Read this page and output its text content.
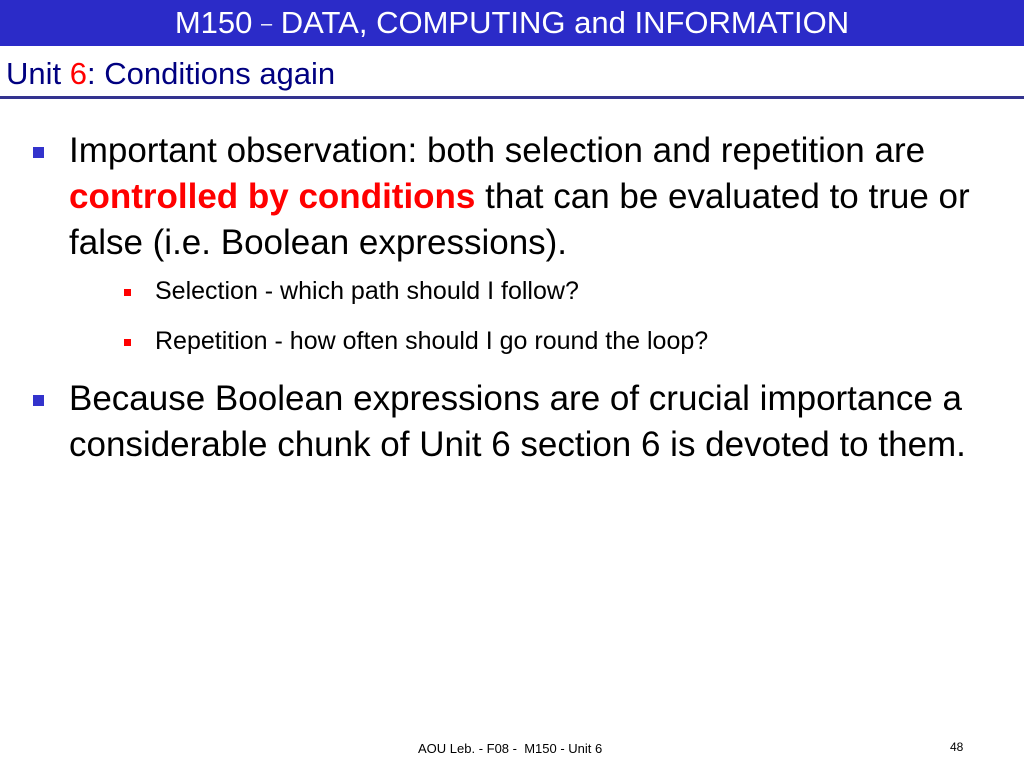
M150 – DATA, COMPUTING and INFORMATION
Unit 6: Conditions again
Important observation: both selection and repetition are controlled by conditions that can be evaluated to true or false (i.e. Boolean expressions).
Selection - which path should I follow?
Repetition - how often should I go round the loop?
Because Boolean expressions are of crucial importance a considerable chunk of Unit 6 section 6 is devoted to them.
AOU Leb. - F08 -  M150 - Unit 6	48
